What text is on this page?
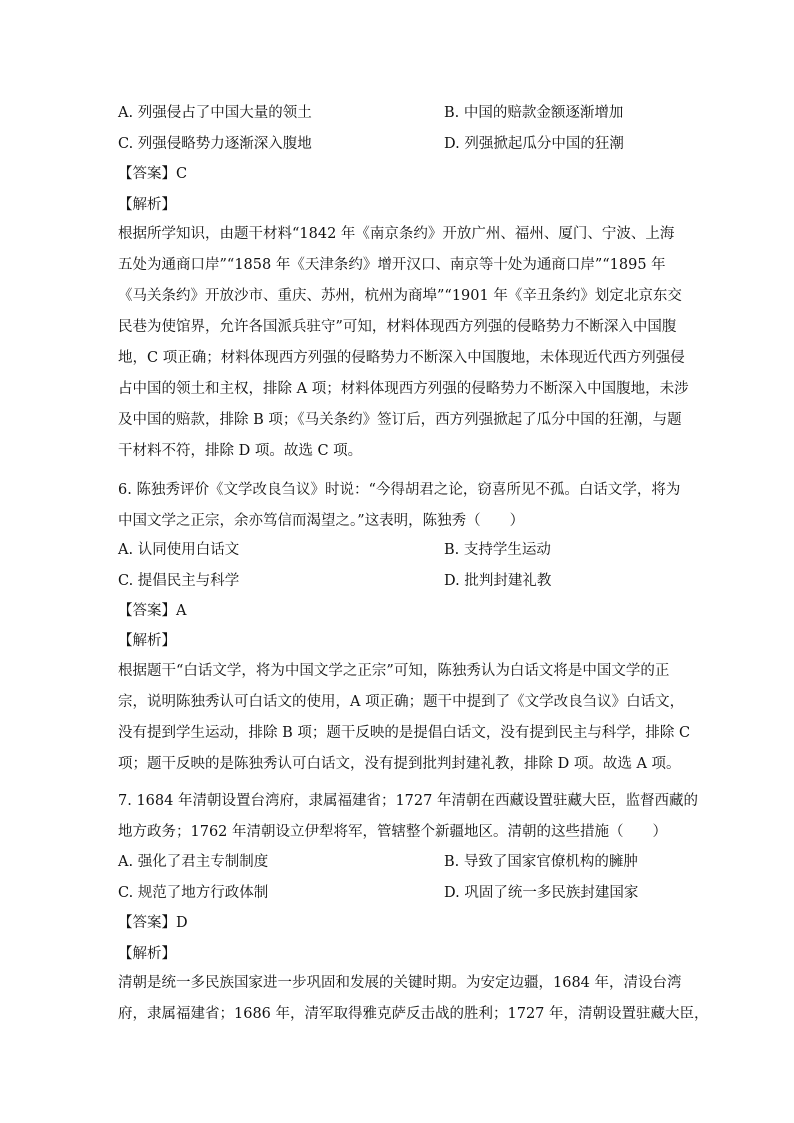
A. 列强侵占了中国大量的领土	B. 中国的赔款金额逐渐增加
C. 列强侵略势力逐渐深入腹地	D. 列强掀起瓜分中国的狂潮
【答案】C
【解析】
根据所学知识，由题干材料“1842 年《南京条约》开放广州、福州、厦门、宁波、上海
五处为通商口岸”“1858 年《天津条约》增开汉口、南京等十处为通商口岸”“1895 年
《马关条约》开放沙市、重庆、苏州，杭州为商埠”“1901 年《辛丑条约》划定北京东交
民巷为使馆界，允许各国派兵驻守”可知，材料体现西方列强的侵略势力不断深入中国腹
地，C 项正确；材料体现西方列强的侵略势力不断深入中国腹地，未体现近代西方列强侵
占中国的领土和主权，排除 A 项；材料体现西方列强的侵略势力不断深入中国腹地，未涉
及中国的赔款，排除 B 项；《马关条约》签订后，西方列强掀起了瓜分中国的狂潮，与题
干材料不符，排除 D 项。故选 C 项。
6. 陈独秀评价《文学改良刍议》时说：“今得胡君之论，窃喜所见不孤。白话文学，将为
中国文学之正宗，余亦笃信而渴望之。”这表明，陈独秀（　　）
A. 认同使用白话文	B. 支持学生运动
C. 提倡民主与科学	D. 批判封建礼教
【答案】A
【解析】
根据题干“白话文学，将为中国文学之正宗”可知，陈独秀认为白话文将是中国文学的正
宗，说明陈独秀认可白话文的使用，A 项正确；题干中提到了《文学改良刍议》白话文，
没有提到学生运动，排除 B 项；题干反映的是提倡白话文，没有提到民主与科学，排除 C
项；题干反映的是陈独秀认可白话文，没有提到批判封建礼教，排除 D 项。故选 A 项。
7. 1684 年清朝设置台湾府，隶属福建省；1727 年清朝在西藏设置驻藏大臣，监督西藏的
地方政务；1762 年清朝设立伊犁将军，管辖整个新疆地区。清朝的这些措施（　　）
A. 强化了君主专制制度	B. 导致了国家官僚机构的臃肿
C. 规范了地方行政体制	D. 巩固了统一多民族封建国家
【答案】D
【解析】
清朝是统一多民族国家进一步巩固和发展的关键时期。为安定边疆，1684 年，清设台湾
府，隶属福建省；1686 年，清军取得雅克萨反击战的胜利；1727 年，清朝设置驻藏大臣，
